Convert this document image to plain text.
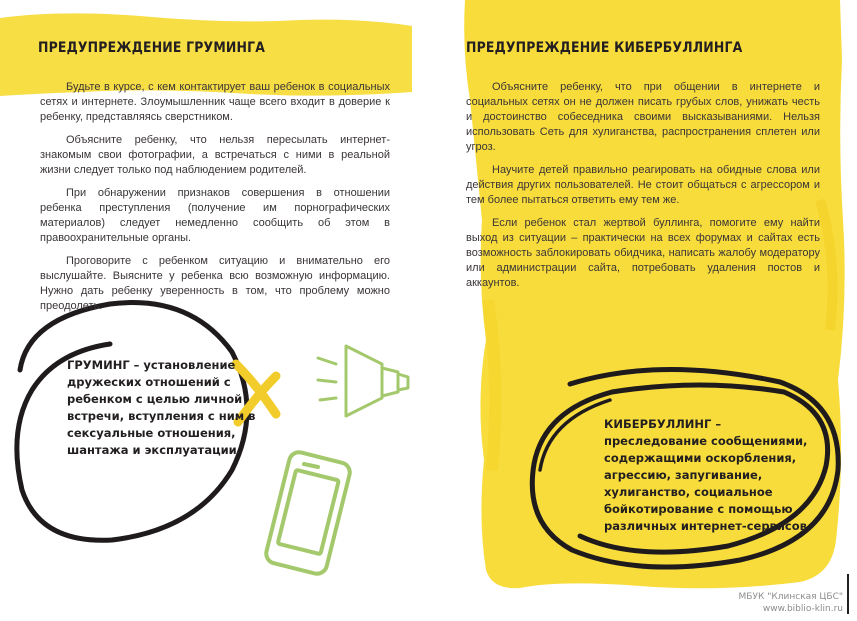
ПРЕДУПРЕЖДЕНИЕ ГРУМИНГА

Будьте в курсе, с кем контактирует ваш ребенок в социальных сетях и интернете. Злоумышленник чаще всего входит в доверие к ребенку, представляясь сверстником.

Объясните ребенку, что нельзя пересылать интернет-знакомым свои фотографии, а встречаться с ними в реальной жизни следует только под наблюдением родителей.

При обнаружении признаков совершения в отношении ребенка преступления (получение им порнографических материалов) следует немедленно сообщить об этом в правоохранительные органы.

Проговорите с ребенком ситуацию и внимательно его выслушайте. Выясните у ребенка всю возможную информацию. Нужно дать ребенку уверенность в том, что проблему можно преодолеть.

ГРУМИНГ – установление дружеских отношений с ребенком с целью личной встречи, вступления с ним в сексуальные отношения, шантажа и эксплуатации.
ПРЕДУПРЕЖДЕНИЕ КИБЕРБУЛЛИНГА

Объясните ребенку, что при общении в интернете и социальных сетях он не должен писать грубых слов, унижать честь и достоинство собеседника своими высказываниями. Нельзя использовать Сеть для хулиганства, распространения сплетен или угроз.

Научите детей правильно реагировать на обидные слова или действия других пользователей. Не стоит общаться с агрессором и тем более пытаться ответить ему тем же.

Если ребенок стал жертвой буллинга, помогите ему найти выход из ситуации – практически на всех форумах и сайтах есть возможность заблокировать обидчика, написать жалобу модератору или администрации сайта, потребовать удаления постов и аккаунтов.

КИБЕРБУЛЛИНГ – преследование сообщениями, содержащими оскорбления, агрессию, запугивание, хулиганство, социальное бойкотирование с помощью различных интернет-сервисов.
МБУК "Клинская ЦБС"
www.biblio-klin.ru
